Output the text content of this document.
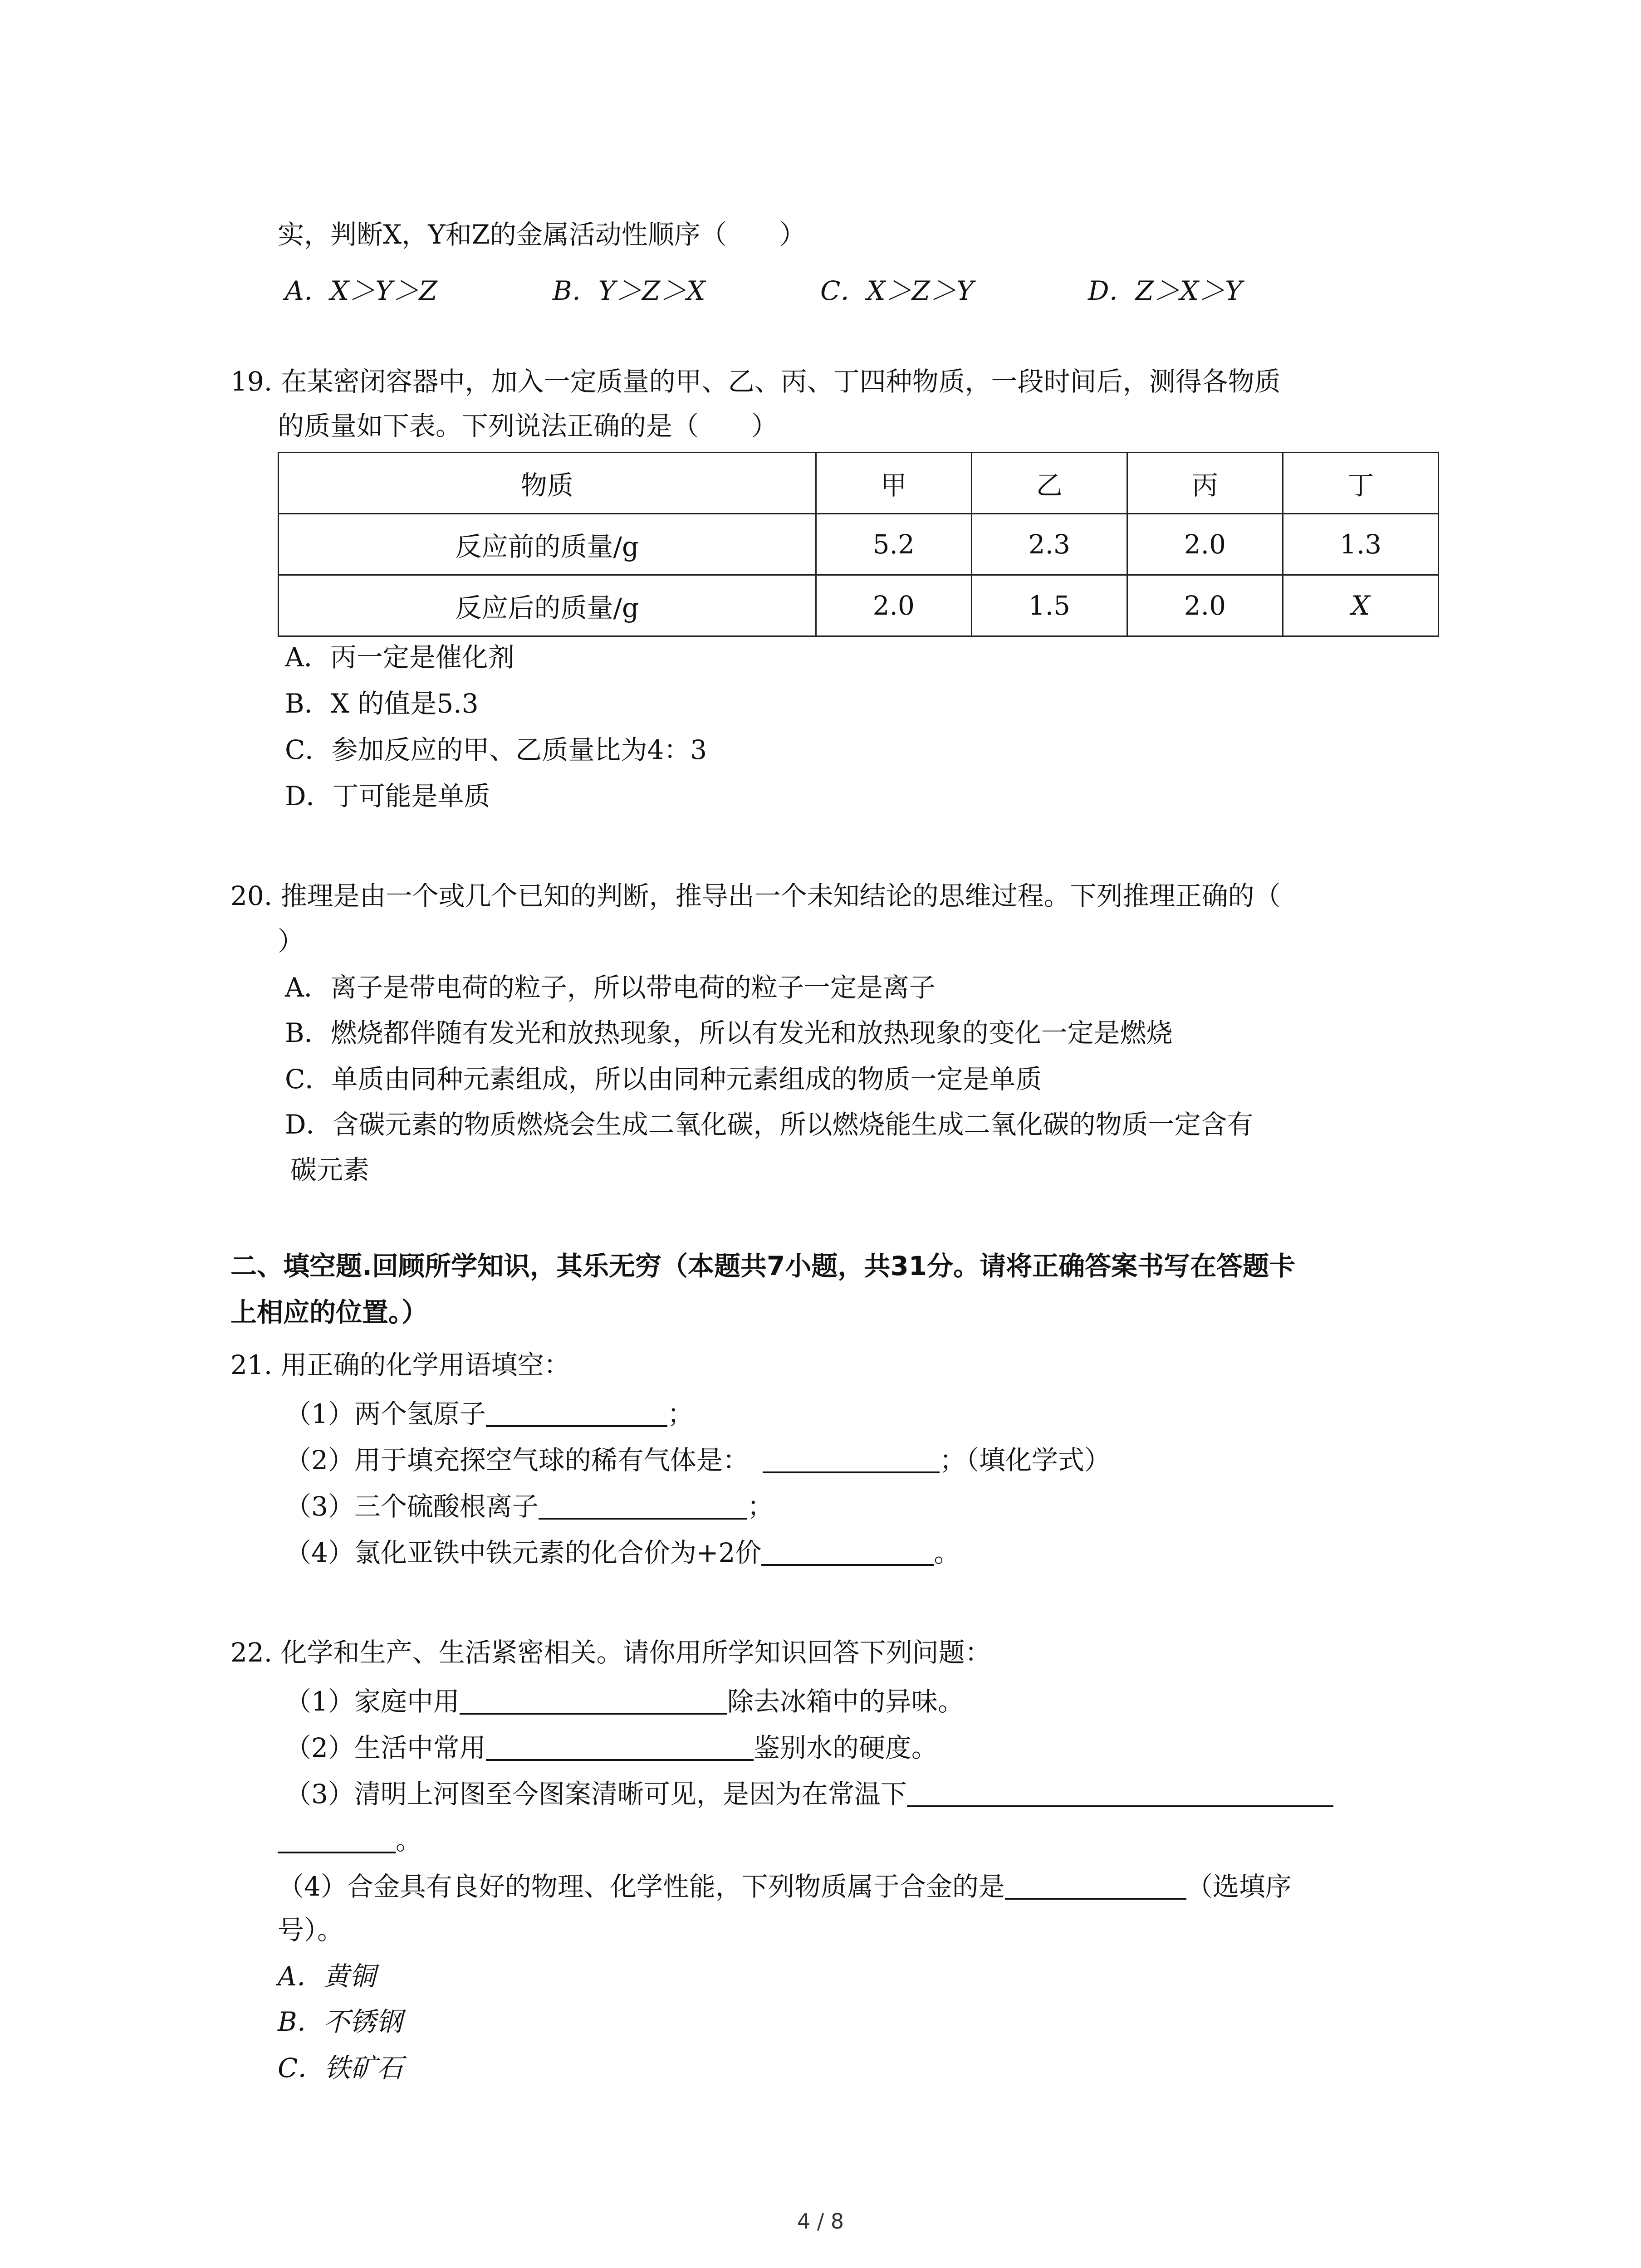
实，判断X，Y和Z的金属活动性顺序（　　）
A．X＞Y＞Z	B．Y＞Z＞X	C．X＞Z＞Y	D．Z＞X＞Y
19. 在某密闭容器中，加入一定质量的甲、乙、丙、丁四种物质，一段时间后，测得各物质
的质量如下表。下列说法正确的是（　　）
物质	甲	乙	丙	丁
反应前的质量/g	5.2	2.3	2.0	1.3
反应后的质量/g	2.0	1.5	2.0	X
A．丙一定是催化剂
B．X 的值是5.3
C．参加反应的甲、乙质量比为4：3
D．丁可能是单质
20. 推理是由一个或几个已知的判断，推导出一个未知结论的思维过程。下列推理正确的（
）
A．离子是带电荷的粒子，所以带电荷的粒子一定是离子
B．燃烧都伴随有发光和放热现象，所以有发光和放热现象的变化一定是燃烧
C．单质由同种元素组成，所以由同种元素组成的物质一定是单质
D．含碳元素的物质燃烧会生成二氧化碳，所以燃烧能生成二氧化碳的物质一定含有
碳元素
二、填空题.回顾所学知识，其乐无穷（本题共7小题，共31分。请将正确答案书写在答题卡
上相应的位置。）
21. 用正确的化学用语填空：
（1）两个氢原子	；
（2）用于填充探空气球的稀有气体是：	；（填化学式）
（3）三个硫酸根离子	；
（4）氯化亚铁中铁元素的化合价为+2价	。
22. 化学和生产、生活紧密相关。请你用所学知识回答下列问题：
（1）家庭中用	除去冰箱中的异味。
（2）生活中常用	鉴别水的硬度。
（3）清明上河图至今图案清晰可见，是因为在常温下
。
（4）合金具有良好的物理、化学性能，下列物质属于合金的是	（选填序
号）。
A．黄铜
B．不锈钢
C．铁矿石
4 / 8
